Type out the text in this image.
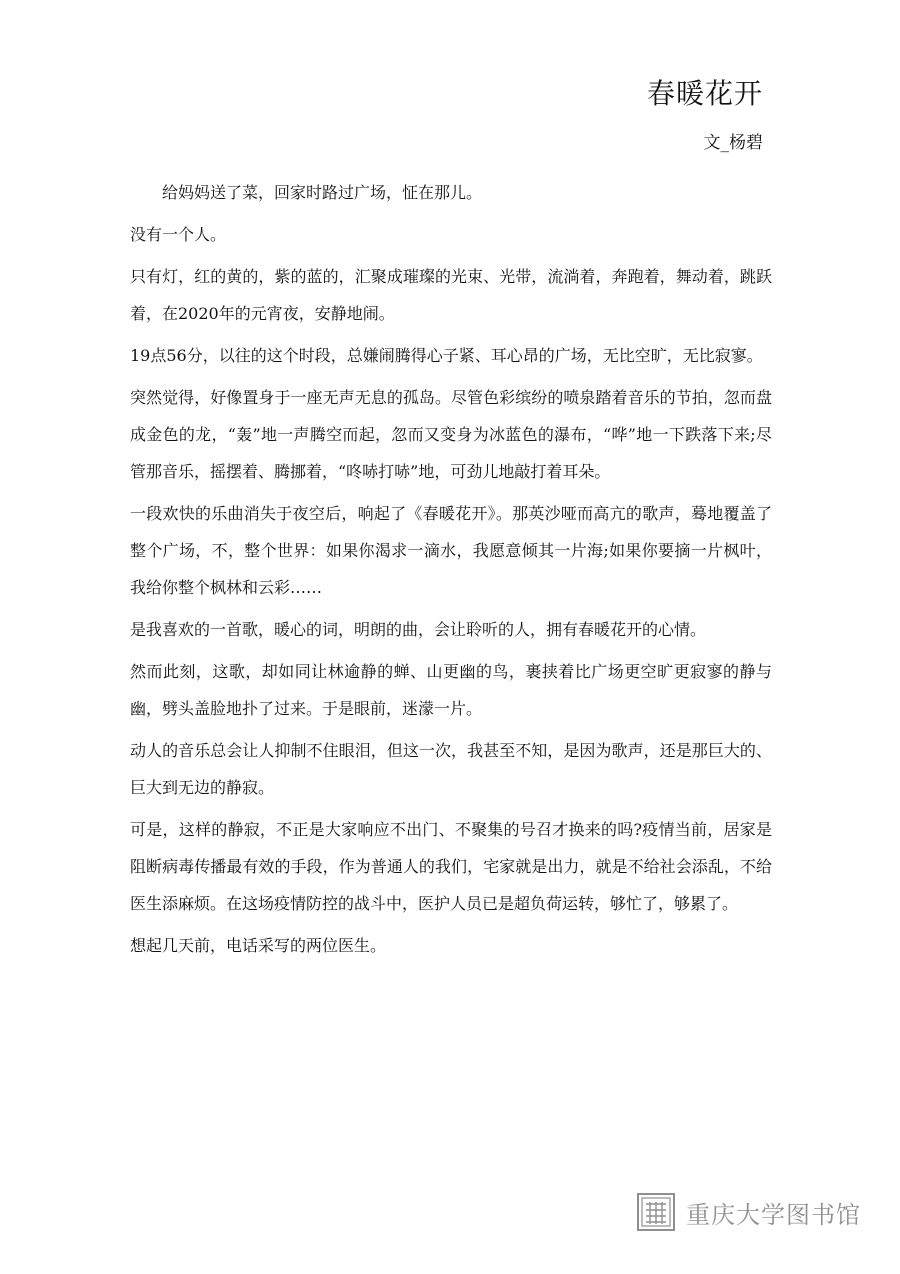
春暖花开
文_杨碧

给妈妈送了菜，回家时路过广场，怔在那儿。

没有一个人。

只有灯，红的黄的，紫的蓝的，汇聚成璀璨的光束、光带，流淌着，奔跑着，舞动着，跳跃着，在2020年的元宵夜，安静地闹。

19点56分，以往的这个时段，总嫌闹腾得心子紧、耳心昂的广场，无比空旷，无比寂寥。

突然觉得，好像置身于一座无声无息的孤岛。尽管色彩缤纷的喷泉踏着音乐的节拍，忽而盘成金色的龙，“轰”地一声腾空而起，忽而又变身为冰蓝色的瀑布，“哗”地一下跌落下来;尽管那音乐，摇摆着、腾挪着，“咚哧打哧”地，可劲儿地敲打着耳朵。

一段欢快的乐曲消失于夜空后，响起了《春暖花开》。那英沙哑而高亢的歌声，蓦地覆盖了整个广场，不，整个世界：如果你渴求一滴水，我愿意倾其一片海;如果你要摘一片枫叶，我给你整个枫林和云彩……

是我喜欢的一首歌，暖心的词，明朗的曲，会让聆听的人，拥有春暖花开的心情。

然而此刻，这歌，却如同让林逾静的蝉、山更幽的鸟，裹挟着比广场更空旷更寂寥的静与幽，劈头盖脸地扑了过来。于是眼前，迷濛一片。

动人的音乐总会让人抑制不住眼泪，但这一次，我甚至不知，是因为歌声，还是那巨大的、巨大到无边的静寂。

可是，这样的静寂，不正是大家响应不出门、不聚集的号召才换来的吗?疫情当前，居家是阻断病毒传播最有效的手段，作为普通人的我们，宅家就是出力，就是不给社会添乱，不给医生添麻烦。在这场疫情防控的战斗中，医护人员已是超负荷运转，够忙了，够累了。

想起几天前，电话采写的两位医生。

重庆大学图书馆
